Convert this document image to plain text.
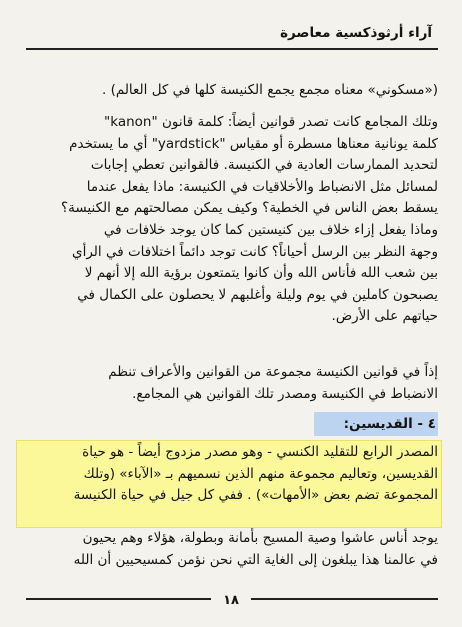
آراء أرثوذكسية معاصرة
(«مسكوني» معناه مجمع يجمع الكنيسة كلها في كل العالم) .
وتلك المجامع كانت تصدر قوانين أيضاً: كلمة قانون "kanon"
كلمة يونانية معناها مسطرة أو مقياس "yardstick" أي ما يستخدم
لتحديد الممارسات العادية في الكنيسة. فالقوانين تعطي إجابات
لمسائل مثل الانضباط والأخلاقيات في الكنيسة: ماذا يفعل عندما
يسقط بعض الناس في الخطية؟ وكيف يمكن مصالحتهم مع الكنيسة؟
وماذا يفعل إزاء خلاف بين كنيستين كما كان يوجد خلافات في
وجهة النظر بين الرسل أحياناً؟ كانت توجد دائماً اختلافات في الرأي
بين شعب الله فأناس الله وأن كانوا يتمتعون برؤية الله إلا أنهم لا
يصبحون كاملين في يوم وليلة وأغلبهم لا يحصلون على الكمال في
حياتهم على الأرض.
إذاً في قوانين الكنيسة مجموعة من القوانين والأعراف تنظم
الانضباط في الكنيسة ومصدر تلك القوانين هي المجامع.
٤ - القديسين:
المصدر الرابع للتقليد الكنسي - وهو مصدر مزدوج أيضاً - هو حياة
القديسين، وتعاليم مجموعة منهم الذين نسميهم بـ «الآباء» (وتلك
المجموعة تضم بعض «الأمهات») . ففي كل جيل في حياة الكنيسة
يوجد أناس عاشوا وصية المسيح بأمانة وبطولة، هؤلاء وهم يحيون
في عالمنا هذا يبلغون إلى الغاية التي نحن نؤمن كمسيحيين أن الله
١٨
